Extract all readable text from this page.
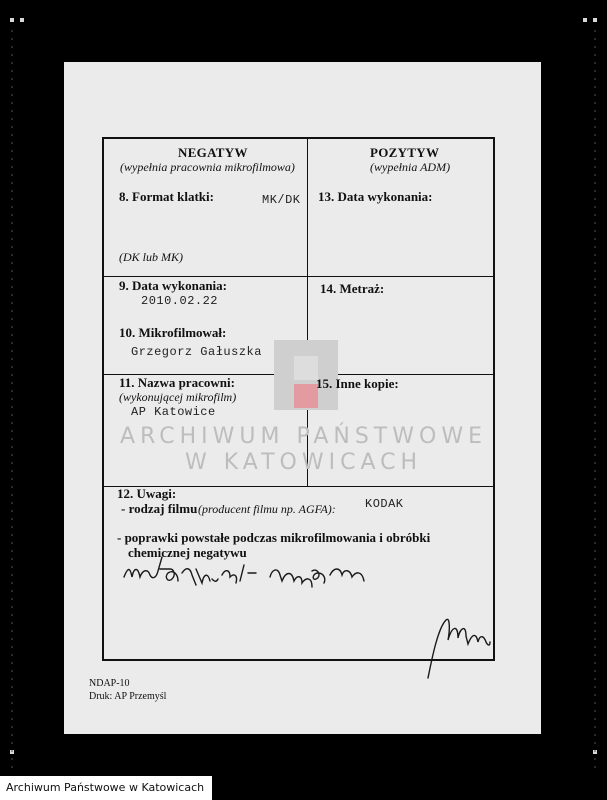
ARCHIWUM PAŃSTWOWE
W KATOWICACH
NEGATYW
(wypełnia pracownia mikrofilmowa)
POZYTYW
(wypełnia ADM)
8. Format klatki:	MK/DK
(DK lub MK)
13. Data wykonania:
9. Data wykonania:
2010.02.22
10. Mikrofilmował:
Grzegorz Gałuszka
14. Metraż:
11. Nazwa pracowni:
(wykonującej mikrofilm)
AP Katowice
15. Inne kopie:
12. Uwagi:
- rodzaj filmu (producent filmu np. AGFA): KODAK
- poprawki powstałe podczas mikrofilmowania i obróbki
chemicznej negatywu
NDAP-10
Druk: AP Przemyśl
Archiwum Państwowe w Katowicach
